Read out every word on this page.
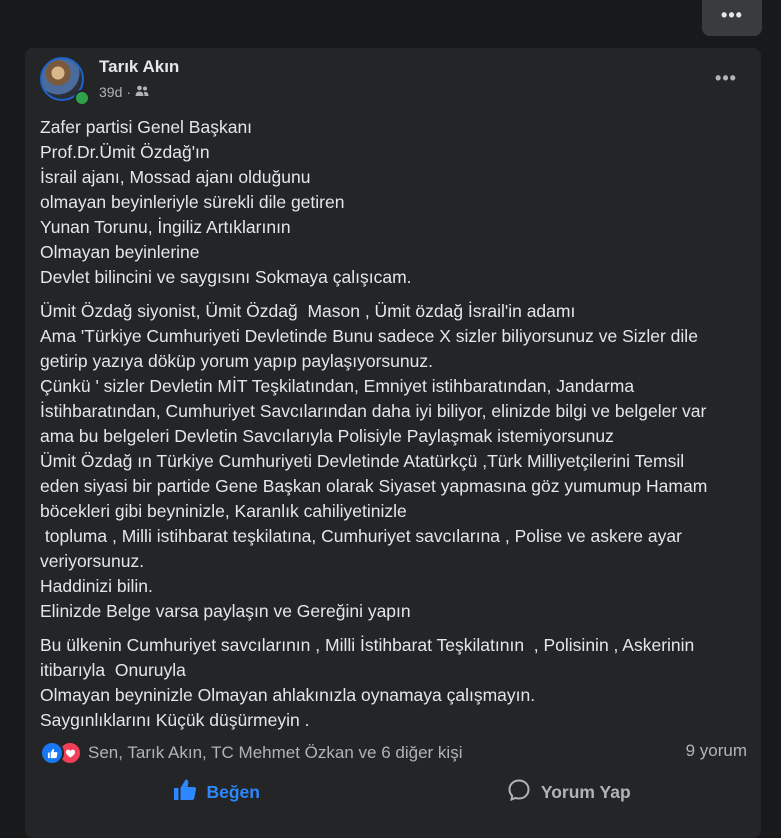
•••
Tarık Akın
39d ·
•••
Zafer partisi Genel Başkanı
Prof.Dr.Ümit Özdağ'ın
İsrail ajanı, Mossad ajanı olduğunu
olmayan beyinleriyle sürekli dile getiren
Yunan Torunu, İngiliz Artıklarının
Olmayan beyinlerine
Devlet bilincini ve saygısını Sokmaya çalışıcam.
Ümit Özdağ siyonist, Ümit Özdağ  Mason , Ümit özdağ İsrail'in adamı
Ama 'Türkiye Cumhuriyeti Devletinde Bunu sadece X sizler biliyorsunuz ve Sizler dile
getirip yazıya döküp yorum yapıp paylaşıyorsunuz.
Çünkü ' sizler Devletin MİT Teşkilatından, Emniyet istihbaratından, Jandarma
İstihbaratından, Cumhuriyet Savcılarından daha iyi biliyor, elinizde bilgi ve belgeler var
ama bu belgeleri Devletin Savcılarıyla Polisiyle Paylaşmak istemiyorsunuz
Ümit Özdağ ın Türkiye Cumhuriyeti Devletinde Atatürkçü ,Türk Milliyetçilerini Temsil
eden siyasi bir partide Gene Başkan olarak Siyaset yapmasına göz yumumup Hamam
böcekleri gibi beyninizle, Karanlık cahiliyetinizle
topluma , Milli istihbarat teşkilatına, Cumhuriyet savcılarına , Polise ve askere ayar
veriyorsunuz.
Haddinizi bilin.
Elinizde Belge varsa paylaşın ve Gereğini yapın
Bu ülkenin Cumhuriyet savcılarının , Milli İstihbarat Teşkilatının  , Polisinin , Askerinin
itibarıyla  Onuruyla
Olmayan beyninizle Olmayan ahlakınızla oynamaya çalışmayın.
Saygınlıklarını Küçük düşürmeyin .
Sen, Tarık Akın, TC Mehmet Özkan ve 6 diğer kişi	9 yorum
Beğen	Yorum Yap
